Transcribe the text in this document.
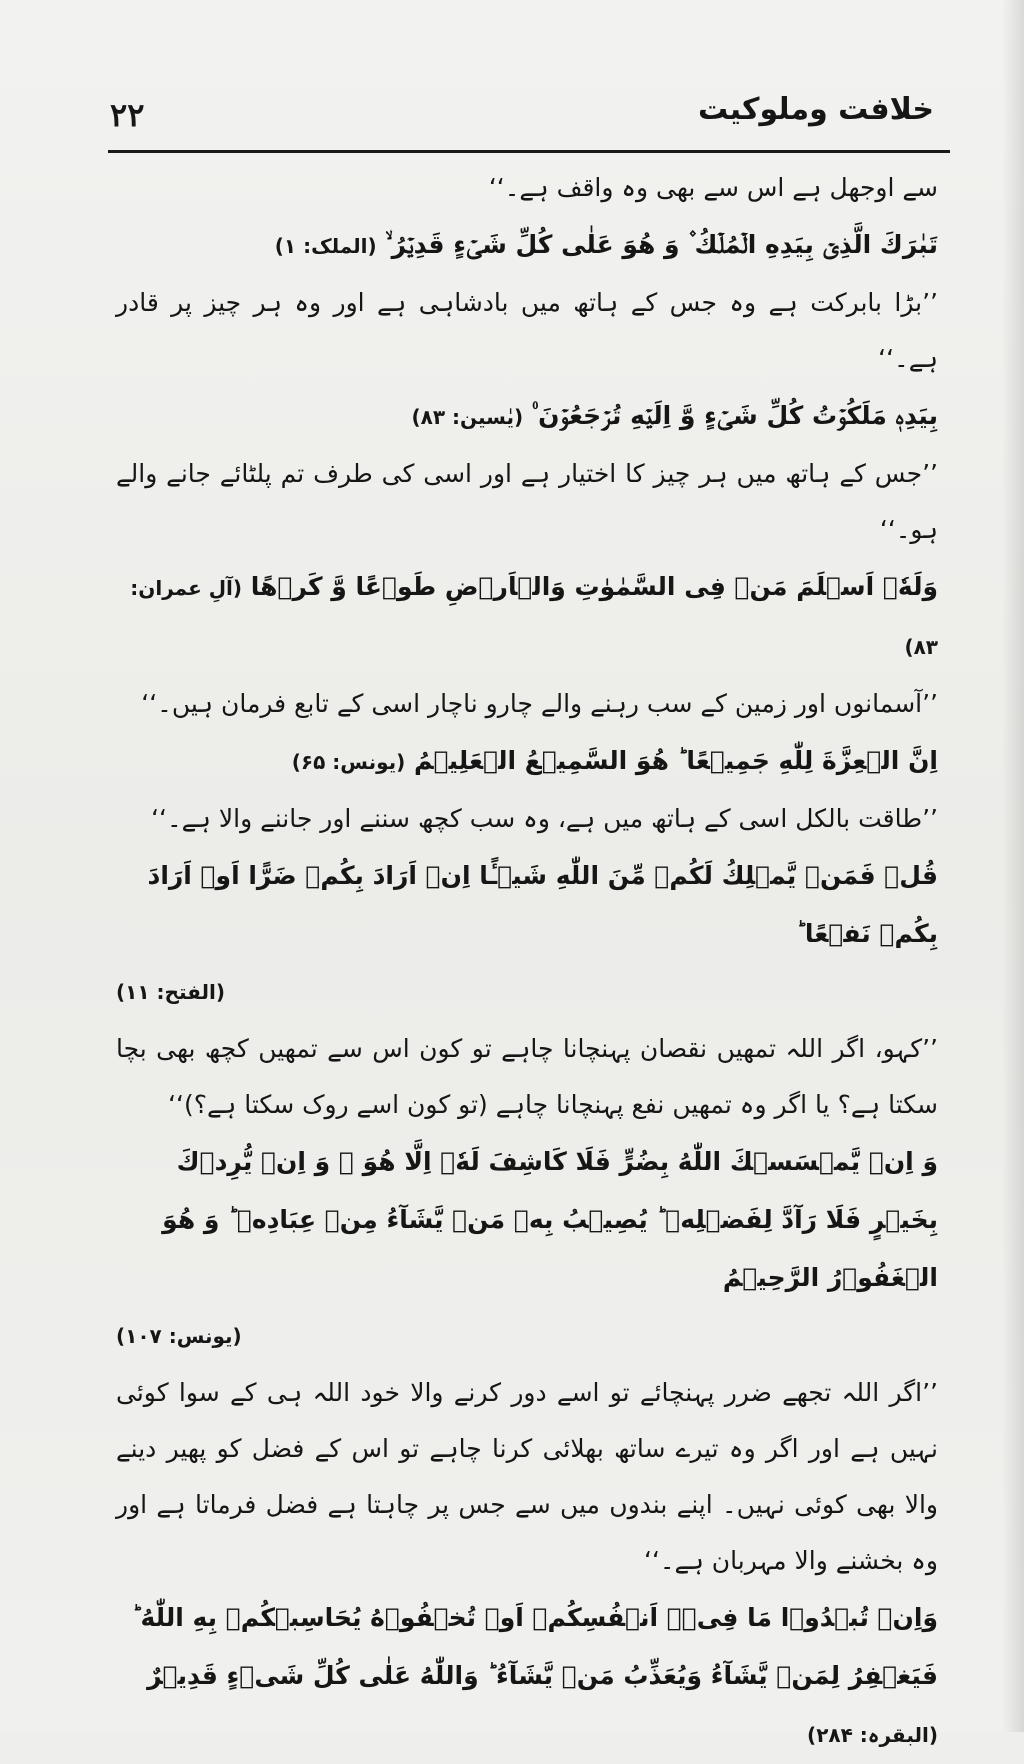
۲۲	خلافت وملوکیت
سے اوجھل ہے اس سے بھی وہ واقف ہے۔‘‘
تَبٰرَكَ الَّذِیۡ بِیَدِهِ الۡمُلۡكُ ۫ وَ هُوَ عَلٰی كُلِّ شَیۡءٍ قَدِیۡرُ ۙ (الملک: ۱)
’’بڑا بابرکت ہے وہ جس کے ہاتھ میں بادشاہی ہے اور وہ ہر چیز پر قادر ہے۔‘‘
بِیَدِهٖ مَلَكُوۡتُ كُلِّ شَیۡءٍ وَّ اِلَیۡهِ تُرۡجَعُوۡنَ ۠ (یٰسین: ۸۳)
’’جس کے ہاتھ میں ہر چیز کا اختیار ہے اور اسی کی طرف تم پلٹائے جانے والے ہو۔‘‘
وَلَهٗۤ اَسۡلَمَ مَنۡ فِی السَّمٰوٰتِ وَالۡاَرۡضِ طَوۡعًا وَّ كَرۡهًا (آلِ عمران: ۸۳)
’’آسمانوں اور زمین کے سب رہنے والے چارو ناچار اسی کے تابع فرمان ہیں۔‘‘
اِنَّ الۡعِزَّةَ لِلّٰهِ جَمِیۡعًا ؕ هُوَ السَّمِیۡعُ الۡعَلِیۡمُ (یونس: ۶۵)
’’طاقت بالکل اسی کے ہاتھ میں ہے، وہ سب کچھ سننے اور جاننے والا ہے۔‘‘
قُلۡ فَمَنۡ یَّمۡلِكُ لَكُمۡ مِّنَ اللّٰهِ شَیۡـًٔا اِنۡ اَرَادَ بِكُمۡ ضَرًّا اَوۡ اَرَادَ بِكُمۡ نَفۡعًا ؕ
(الفتح: ۱۱)
’’کہو، اگر اللہ تمھیں نقصان پہنچانا چاہے تو کون اس سے تمھیں کچھ بھی بچا سکتا ہے؟ یا اگر وہ تمھیں نفع پہنچانا چاہے (تو کون اسے روک سکتا ہے؟)‘‘
وَ اِنۡ یَّمۡسَسۡكَ اللّٰهُ بِضُرٍّ فَلَا كَاشِفَ لَهٗۤ اِلَّا هُوَ ۚ وَ اِنۡ یُّرِدۡكَ بِخَیۡرٍ فَلَا رَآدَّ لِفَضۡلِهٖ ؕ یُصِیۡبُ بِهٖ مَنۡ یَّشَآءُ مِنۡ عِبَادِهٖ ؕ وَ هُوَ الۡغَفُوۡرُ الرَّحِیۡمُ
(یونس: ۱۰۷)
’’اگر اللہ تجھے ضرر پہنچائے تو اسے دور کرنے والا خود اللہ ہی کے سوا کوئی نہیں ہے اور اگر وہ تیرے ساتھ بھلائی کرنا چاہے تو اس کے فضل کو پھیر دینے والا بھی کوئی نہیں۔ اپنے بندوں میں سے جس پر چاہتا ہے فضل فرماتا ہے اور وہ بخشنے والا مہربان ہے۔‘‘
وَاِنۡ تُبۡدُوۡا مَا فِیۡۤ اَنۡفُسِكُمۡ اَوۡ تُخۡفُوۡهُ یُحَاسِبۡكُمۡ بِهِ اللّٰهُ ؕ فَیَغۡفِرُ لِمَنۡ یَّشَآءُ وَیُعَذِّبُ مَنۡ یَّشَآءُ ؕ وَاللّٰهُ عَلٰی كُلِّ شَیۡءٍ قَدِیۡرٌ (البقرہ: ۲۸۴)
